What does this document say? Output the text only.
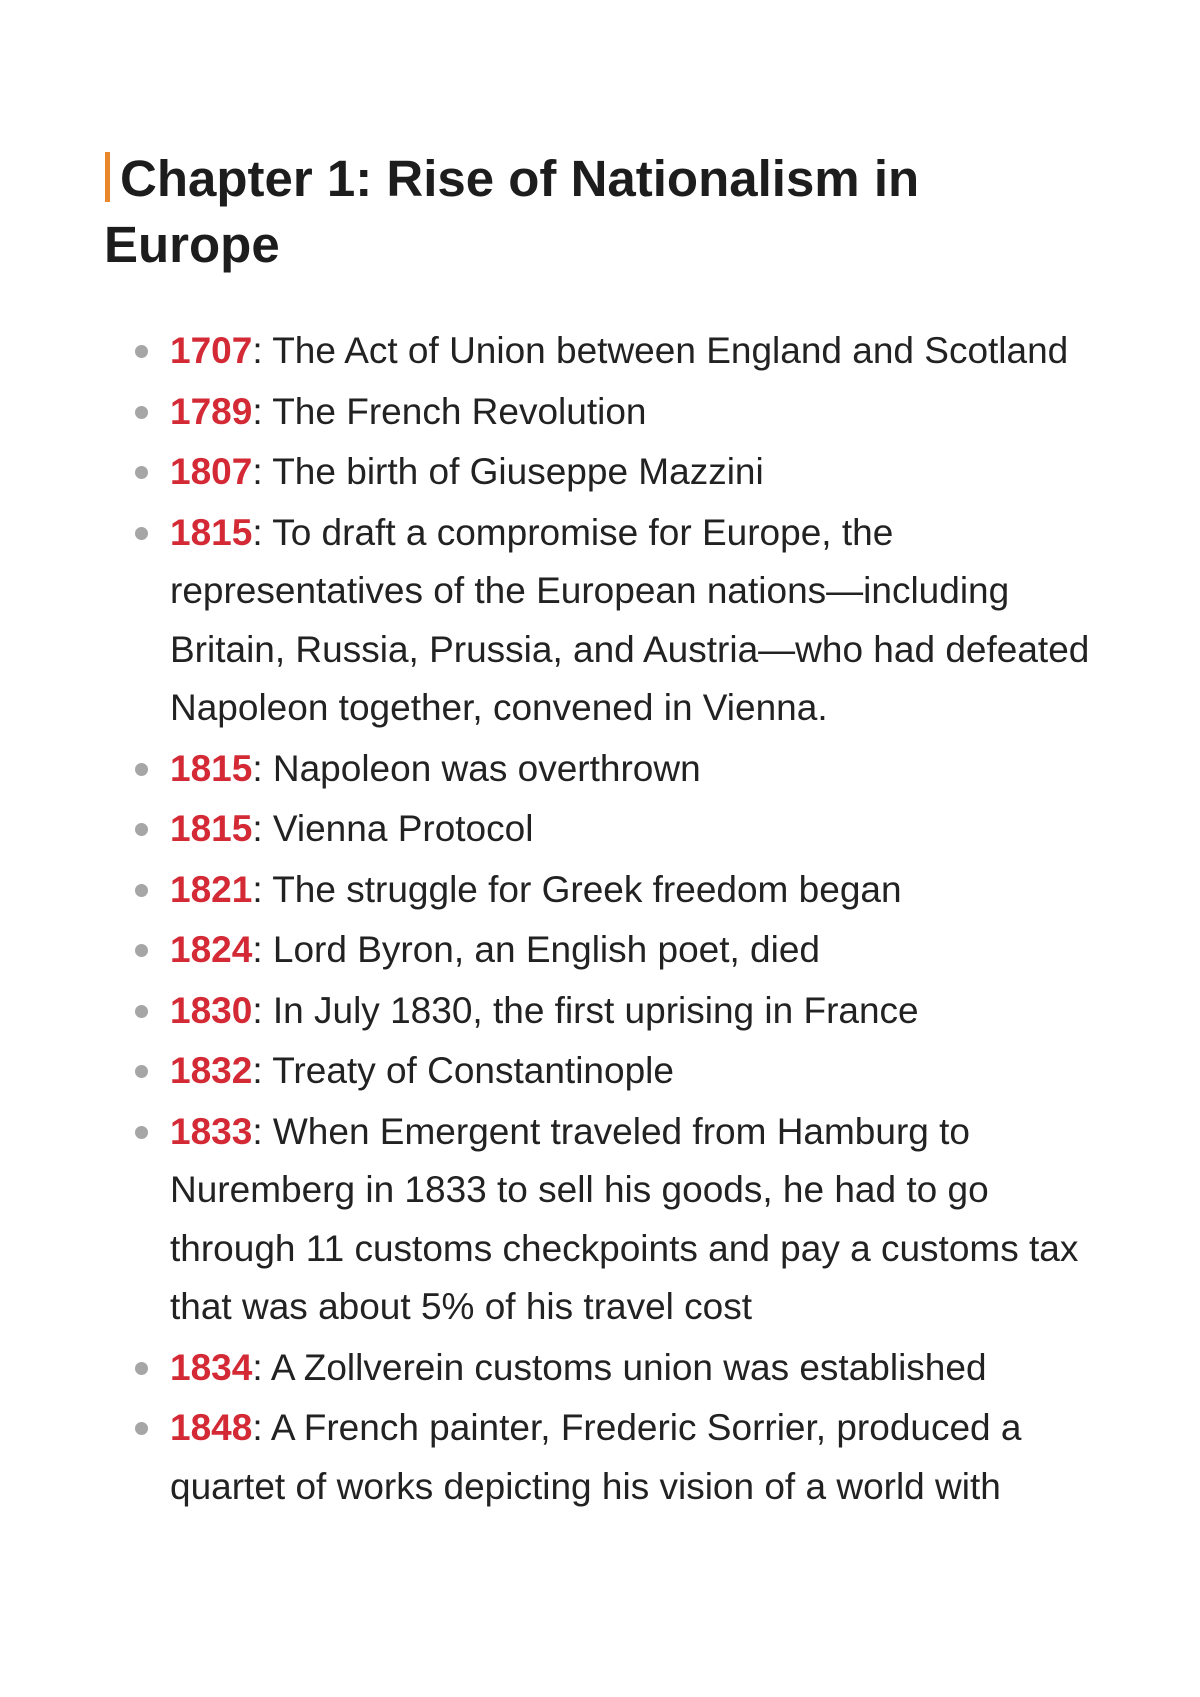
Chapter 1: Rise of Nationalism in Europe
1707: The Act of Union between England and Scotland
1789: The French Revolution
1807: The birth of Giuseppe Mazzini
1815: To draft a compromise for Europe, the representatives of the European nations—including Britain, Russia, Prussia, and Austria—who had defeated Napoleon together, convened in Vienna.
1815: Napoleon was overthrown
1815: Vienna Protocol
1821: The struggle for Greek freedom began
1824: Lord Byron, an English poet, died
1830: In July 1830, the first uprising in France
1832: Treaty of Constantinople
1833: When Emergent traveled from Hamburg to Nuremberg in 1833 to sell his goods, he had to go through 11 customs checkpoints and pay a customs tax that was about 5% of his travel cost
1834: A Zollverein customs union was established
1848: A French painter, Frederic Sorrier, produced a quartet of works depicting his vision of a world with
